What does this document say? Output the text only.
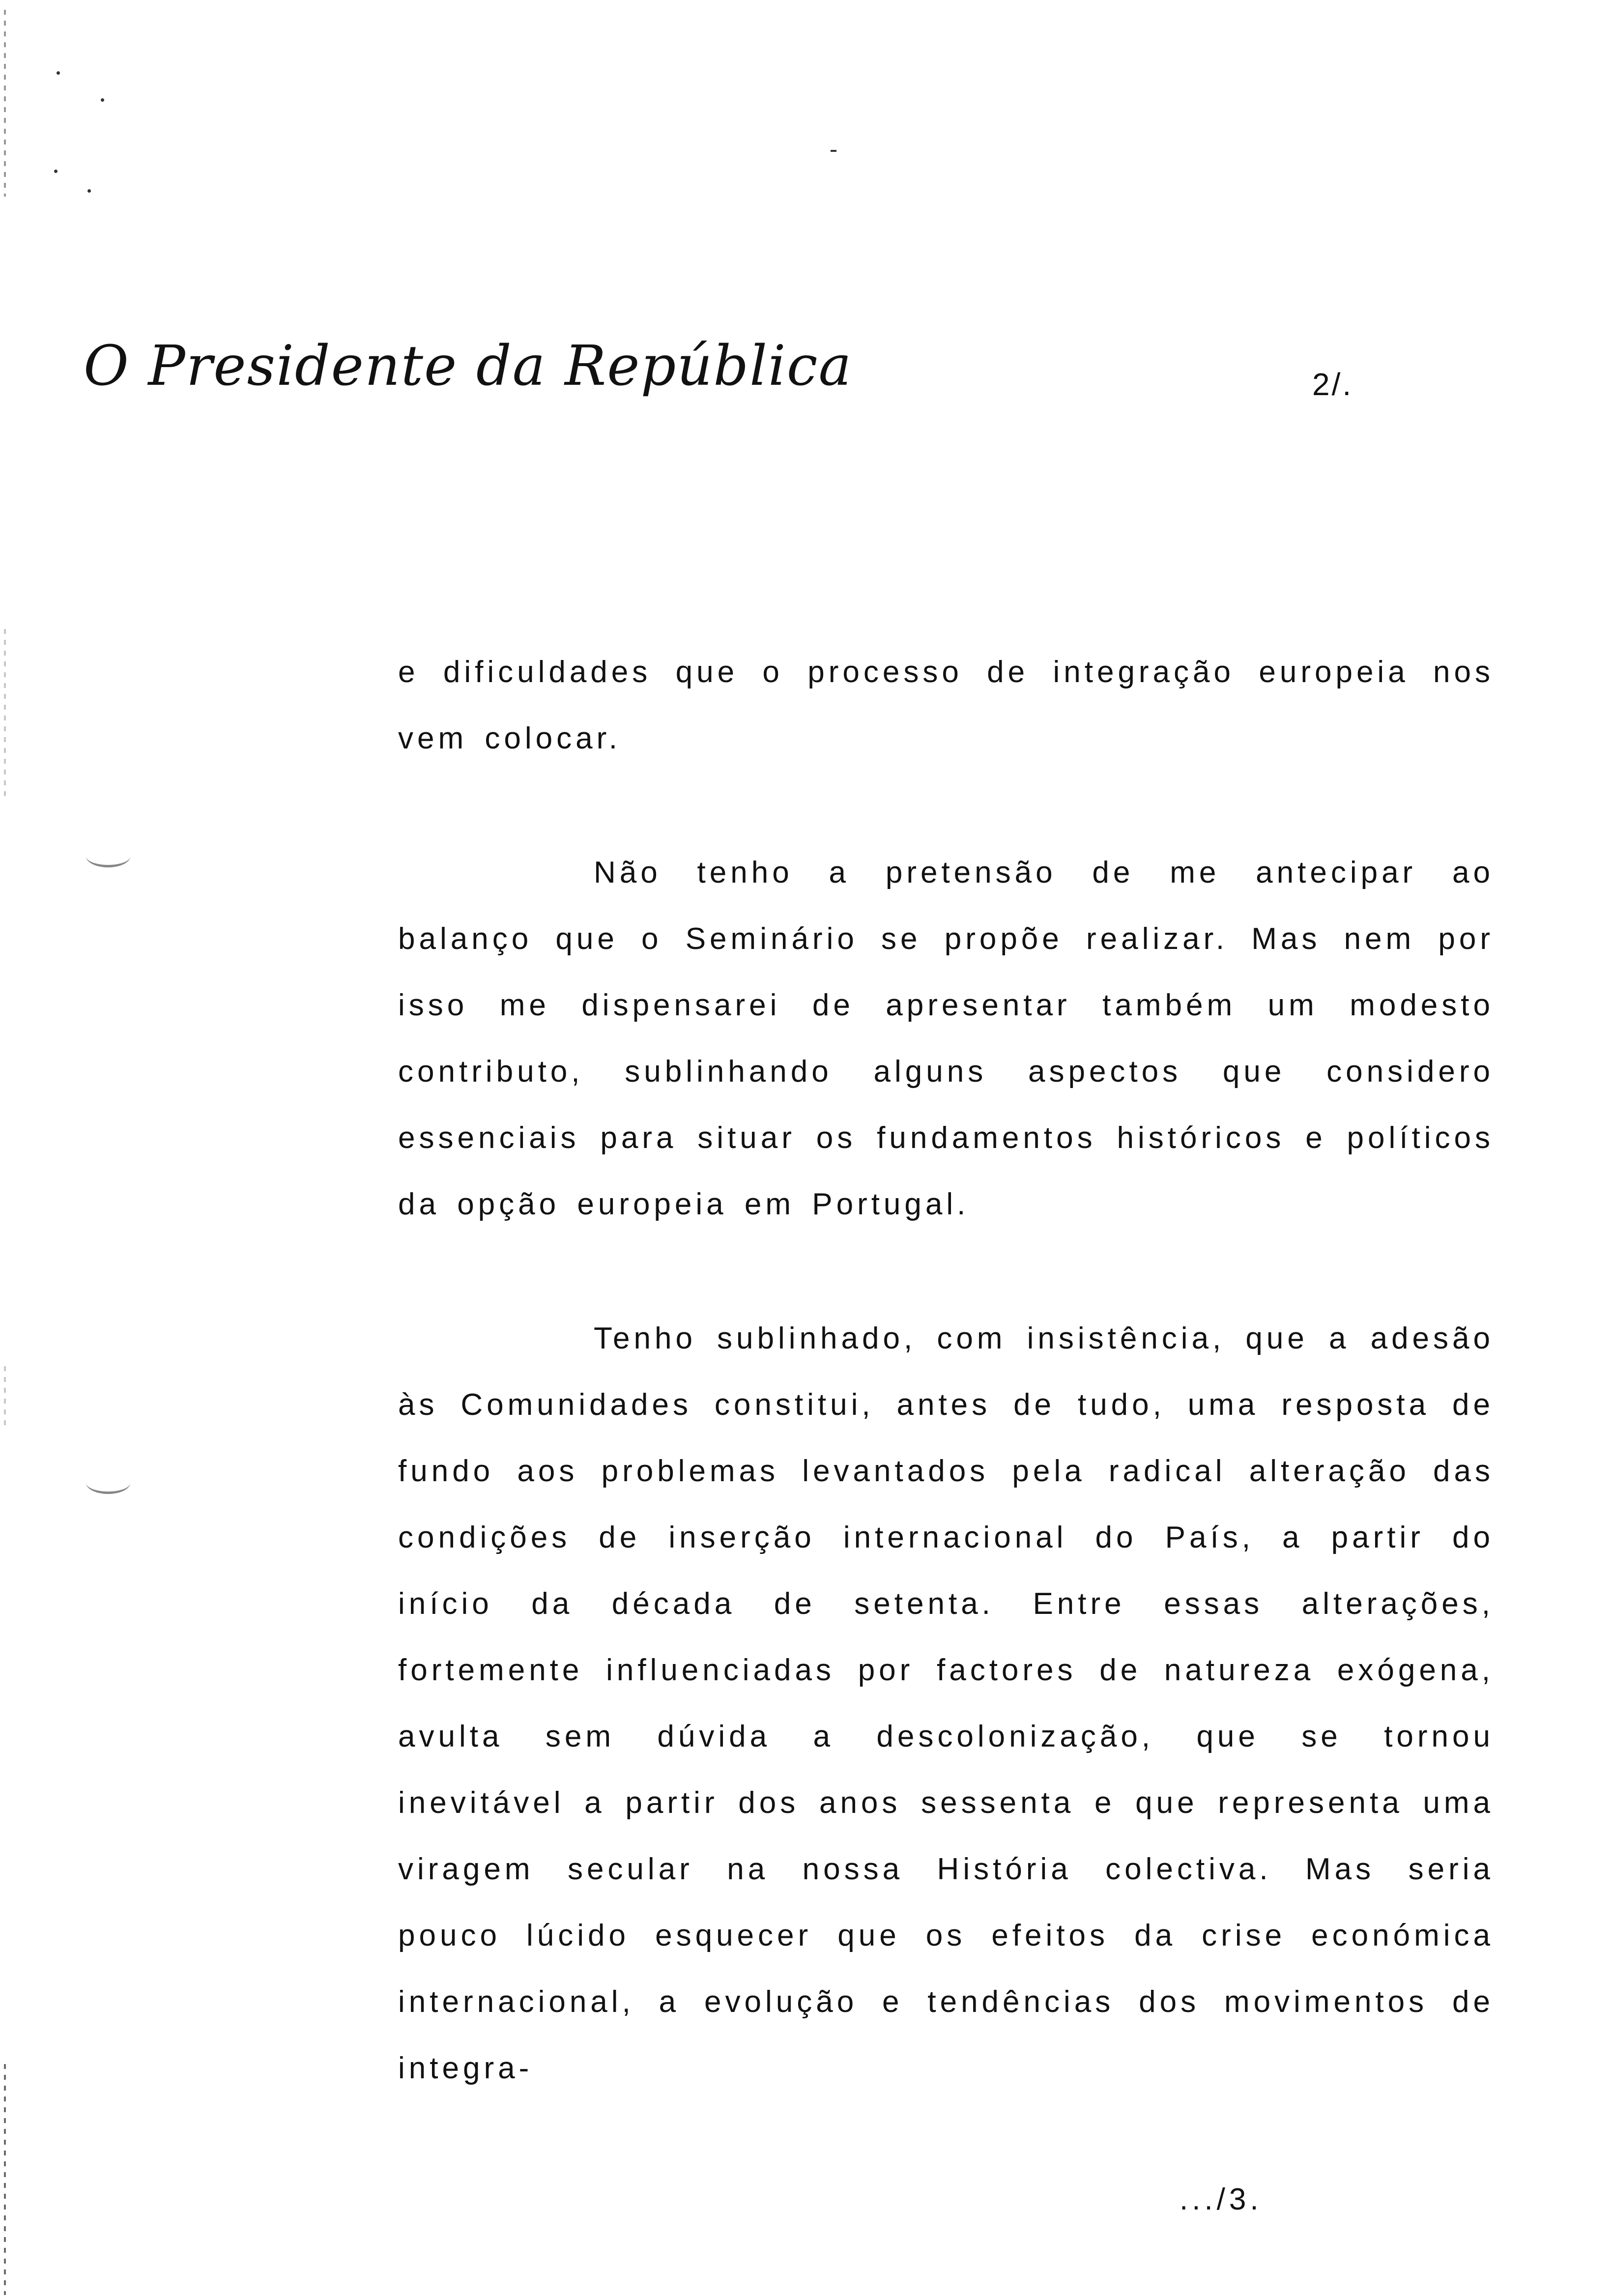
O Presidente da República	2/.

e dificuldades que o processo de integração europeia nos vem colocar.

Não tenho a pretensão de me antecipar ao balanço que o Seminário se propõe realizar. Mas nem por isso me dispensarei de apresentar também um modesto contributo, sublinhando alguns aspectos que considero essenciais para situar os fundamentos históricos e políticos da opção europeia em Portugal.

Tenho sublinhado, com insistência, que a adesão às Comunidades constitui, antes de tudo, uma resposta de fundo aos problemas levantados pela radical alteração das condições de inserção internacional do País, a partir do início da década de setenta. Entre essas alterações, fortemente influenciadas por factores de natureza exógena, avulta sem dúvida a descolonização, que se tornou inevitável a partir dos anos sessenta e que representa uma viragem secular na nossa História colectiva. Mas seria pouco lúcido esquecer que os efeitos da crise económica internacional, a evolução e tendências dos movimentos de integra-

.../3.
